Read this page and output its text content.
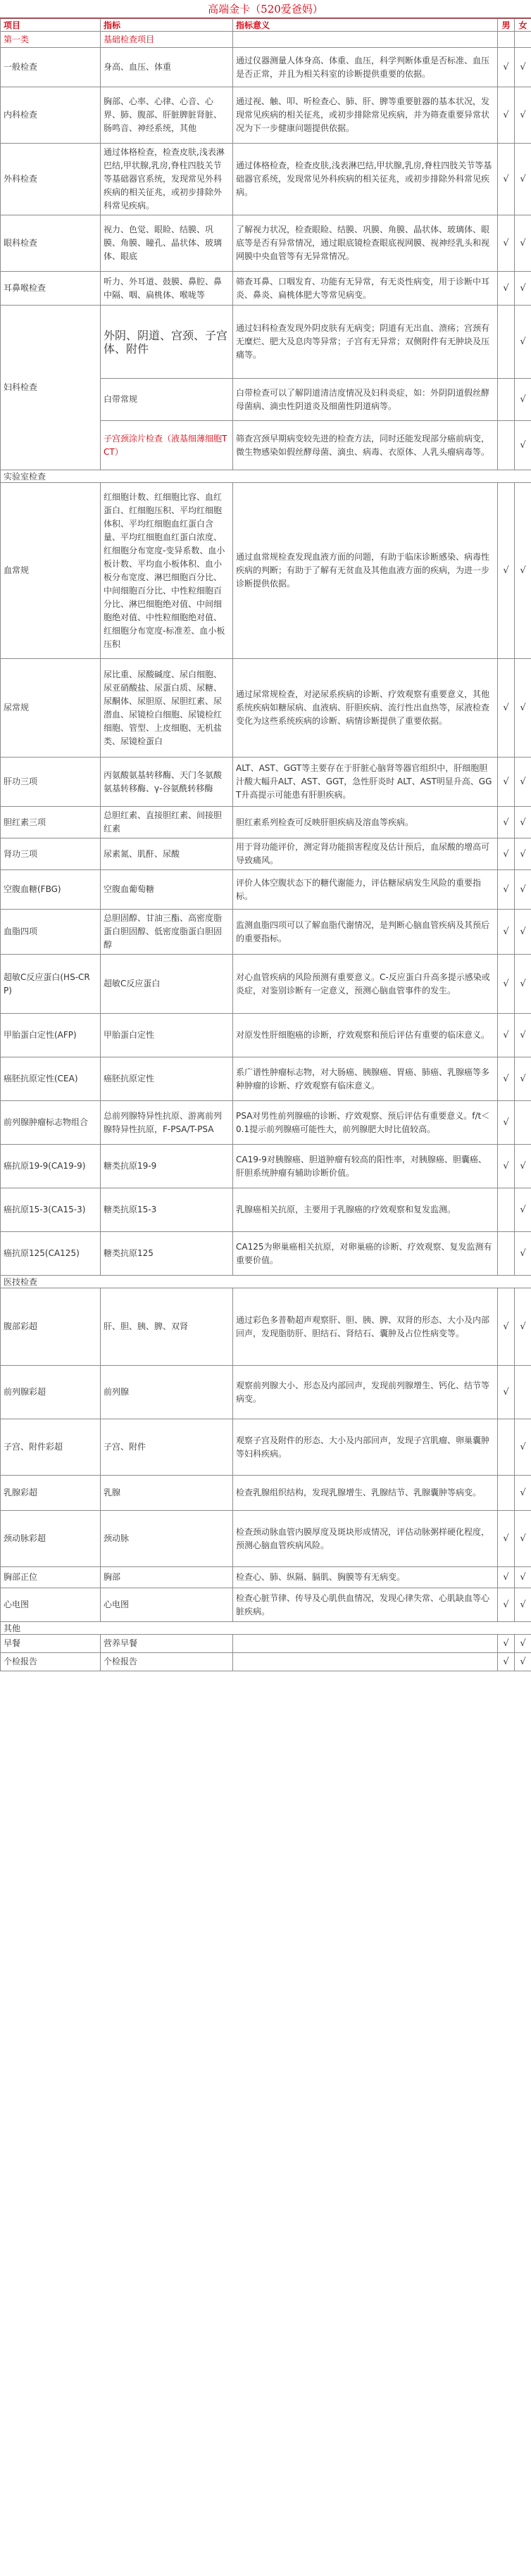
高端金卡（520爱爸妈）
项目	指标	指标意义	男	女
第一类	基础检查项目			
一般检查	身高、血压、体重	通过仪器测量人体身高、体重、血压，科学判断体重是否标准、血压是否正常，并且为相关科室的诊断提供重要的依据。	√	√
内科检查	胸部、心率、心律、心音、心界、肺、腹部、肝脏脾脏肾脏、肠鸣音、神经系统，其他	通过视、触、叩、听检查心、肺、肝、脾等重要脏器的基本状况，发现常见疾病的相关征兆，或初步排除常见疾病，并为筛查重要异常状况为下一步健康问题提供依据。	√	√
外科检查	通过体格检查，检查皮肤,浅表淋巴结,甲状腺,乳房,脊柱四肢关节等基础器官系统，发现常见外科疾病的相关征兆，或初步排除外科常见疾病。	通过体格检查，检查皮肤,浅表淋巴结,甲状腺,乳房,脊柱四肢关节等基础器官系统，发现常见外科疾病的相关征兆，或初步排除外科常见疾病。	√	√
眼科检查	视力、色觉、眼睑、结膜、巩膜、角膜、瞳孔、晶状体、玻璃体、眼底	了解视力状况，检查眼睑、结膜、巩膜、角膜、晶状体、玻璃体、眼底等是否有异常情况，通过眼底镜检查眼底视网膜、视神经乳头和视网膜中央血管等有无异常情况。	√	√
耳鼻喉检查	听力、外耳道、鼓膜、鼻腔、鼻中隔、咽、扁桃体、喉咙等	筛查耳鼻、口咽发育、功能有无异常，有无炎性病变，用于诊断中耳炎、鼻炎、扁桃体肥大等常见病变。	√	√
妇科检查	外阴、阴道、宫颈、子宫体、附件	通过妇科检查发现外阴皮肤有无病变；阴道有无出血、溃疡；宫颈有无糜烂、肥大及息肉等异常；子宫有无异常；双侧附件有无肿块及压痛等。		√
	白带常规	白带检查可以了解阴道清洁度情况及妇科炎症，如：外阴阴道假丝酵母菌病、滴虫性阴道炎及细菌性阴道病等。		√
	子宫颈涂片检查（液基细薄细胞TCT）	筛查宫颈早期病变较先进的检查方法，同时还能发现部分癌前病变，微生物感染如假丝酵母菌、滴虫、病毒、衣原体、人乳头瘤病毒等。		√
实验室检查				
血常规	红细胞计数、红细胞比容、血红蛋白、红细胞压积、平均红细胞体积、平均红细胞血红蛋白含量、平均红细胞血红蛋白浓度、红细胞分布宽度-变异系数、血小板计数、平均血小板体积、血小板分布宽度、淋巴细胞百分比、中间细胞百分比、中性粒细胞百分比、淋巴细胞绝对值、中间细胞绝对值、中性粒细胞绝对值、红细胞分布宽度-标准差、血小板压积	通过血常规检查发现血液方面的问题，有助于临床诊断感染、病毒性疾病的判断；有助于了解有无贫血及其他血液方面的疾病，为进一步诊断提供依据。	√	√
尿常规	尿比重、尿酸碱度、尿白细胞、尿亚硝酸盐、尿蛋白质、尿糖、尿酮体、尿胆原、尿胆红素、尿潜血、尿镜检白细胞、尿镜检红细胞、管型、上皮细胞、无机盐类、尿镜检蛋白	通过尿常规检查，对泌尿系疾病的诊断、疗效观察有重要意义，其他系统疾病如糖尿病、血液病、肝胆疾病、流行性出血热等，尿液检查变化为这些系统疾病的诊断、病情诊断提供了重要依据。	√	√
肝功三项	丙氨酸氨基转移酶、天门冬氨酸氨基转移酶、γ-谷氨酰转移酶	ALT、AST、GGT等主要存在于肝脏心脑肾等器官组织中，肝细胞胆汁酸大幅升ALT、AST、GGT，急性肝炎时 ALT、AST明显升高、GGT升高提示可能患有肝胆疾病。	√	√
胆红素三项	总胆红素、直接胆红素、间接胆红素	胆红素系列检查可反映肝胆疾病及溶血等疾病。	√	√
肾功三项	尿素氮、肌酐、尿酸	用于肾功能评价，测定肾功能损害程度及估计预后，血尿酸的增高可导致痛风。	√	√
空腹血糖(FBG)	空腹血葡萄糖	评价人体空腹状态下的糖代谢能力，评估糖尿病发生风险的重要指标。	√	√
血脂四项	总胆固醇、甘油三酯、高密度脂蛋白胆固醇、低密度脂蛋白胆固醇	监测血脂四项可以了解血脂代谢情况，是判断心脑血管疾病及其预后的重要指标。	√	√
超敏C反应蛋白(HS-CRP)	超敏C反应蛋白	对心血管疾病的风险预测有重要意义。C-反应蛋白升高多提示感染或炎症，对鉴别诊断有一定意义，预测心脑血管事件的发生。	√	√
甲胎蛋白定性(AFP)	甲胎蛋白定性	对原发性肝细胞癌的诊断，疗效观察和预后评估有重要的临床意义。	√	√
癌胚抗原定性(CEA)	癌胚抗原定性	系广谱性肿瘤标志物，对大肠癌、胰腺癌、胃癌、肺癌、乳腺癌等多种肿瘤的诊断、疗效观察有临床意义。	√	√
前列腺肿瘤标志物组合	总前列腺特异性抗原、游离前列腺特异性抗原，F-PSA/T-PSA	PSA对男性前列腺癌的诊断、疗效观察、预后评估有重要意义。f/t＜0.1提示前列腺癌可能性大，前列腺肥大时比值较高。	√	
癌抗原19-9(CA19-9)	糖类抗原19-9	CA19-9对胰腺癌、胆道肿瘤有较高的阳性率，对胰腺癌、胆囊癌、肝胆系统肿瘤有辅助诊断价值。	√	√
癌抗原15-3(CA15-3)	糖类抗原15-3	乳腺癌相关抗原，主要用于乳腺癌的疗效观察和复发监测。		√
癌抗原125(CA125)	糖类抗原125	CA125为卵巢癌相关抗原，对卵巢癌的诊断、疗效观察、复发监测有重要价值。		√
医技检查				
腹部彩超	肝、胆、胰、脾、双肾	通过彩色多普勒超声观察肝、胆、胰、脾、双肾的形态、大小及内部回声，发现脂肪肝、胆结石、肾结石、囊肿及占位性病变等。	√	√
前列腺彩超	前列腺	观察前列腺大小、形态及内部回声，发现前列腺增生、钙化、结节等病变。	√	
子宫、附件彩超	子宫、附件	观察子宫及附件的形态、大小及内部回声，发现子宫肌瘤、卵巢囊肿等妇科疾病。		√
乳腺彩超	乳腺	检查乳腺组织结构，发现乳腺增生、乳腺结节、乳腺囊肿等病变。		√
颈动脉彩超	颈动脉	检查颈动脉血管内膜厚度及斑块形成情况，评估动脉粥样硬化程度，预测心脑血管疾病风险。	√	√
胸部正位	胸部	检查心、肺、纵隔、膈肌、胸膜等有无病变。	√	√
心电图	心电图	检查心脏节律、传导及心肌供血情况，发现心律失常、心肌缺血等心脏疾病。	√	√
其他				
早餐	营养早餐		√	√
个检报告	个检报告		√	√
